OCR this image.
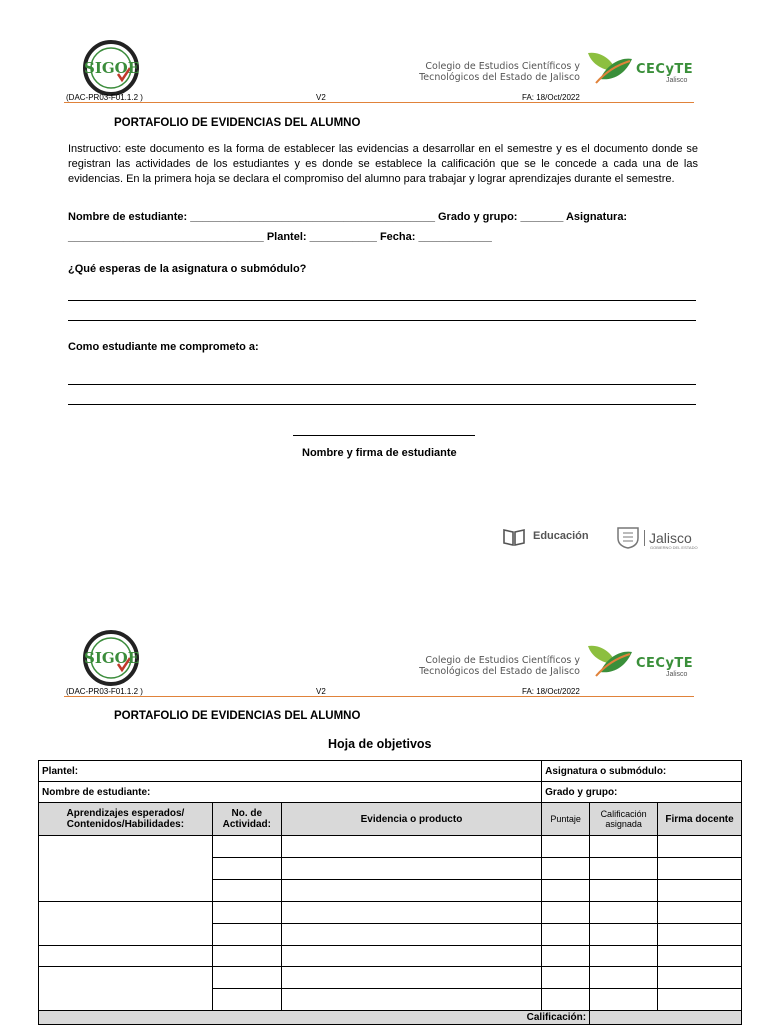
SIGOE
(DAC-PR03-F01.1.2 )	V2	FA: 18/Oct/2022
Colegio de Estudios Científicos y
Tecnológicos del Estado de Jalisco
CECyTE
Jalisco
PORTAFOLIO DE EVIDENCIAS DEL ALUMNO
Instructivo: este documento es la forma de establecer las evidencias a desarrollar en el semestre y es el documento donde se registran las actividades de los estudiantes y es donde se establece la calificación que se le concede a cada una de las evidencias. En la primera hoja se declara el compromiso del alumno para trabajar y lograr aprendizajes durante el semestre.
Nombre de estudiante: ________________________________________ Grado y grupo: _______ Asignatura:
________________________________ Plantel: ___________ Fecha: ____________
¿Qué esperas de la asignatura o submódulo?
Como estudiante me comprometo a:
Nombre y firma de estudiante
Educación	Jalisco
GOBIERNO DEL ESTADO
SIGOE
(DAC-PR03-F01.1.2 )	V2	FA: 18/Oct/2022
Colegio de Estudios Científicos y
Tecnológicos del Estado de Jalisco
CECyTE
Jalisco
PORTAFOLIO DE EVIDENCIAS DEL ALUMNO
Hoja de objetivos
Plantel:			Asignatura o submódulo:		
Nombre de estudiante:			Grado y grupo:		
Aprendizajes esperados/ Contenidos/Habilidades:	No. de Actividad:	Evidencia o producto	Puntaje	Calificación asignada	Firma docente

Calificación:					
